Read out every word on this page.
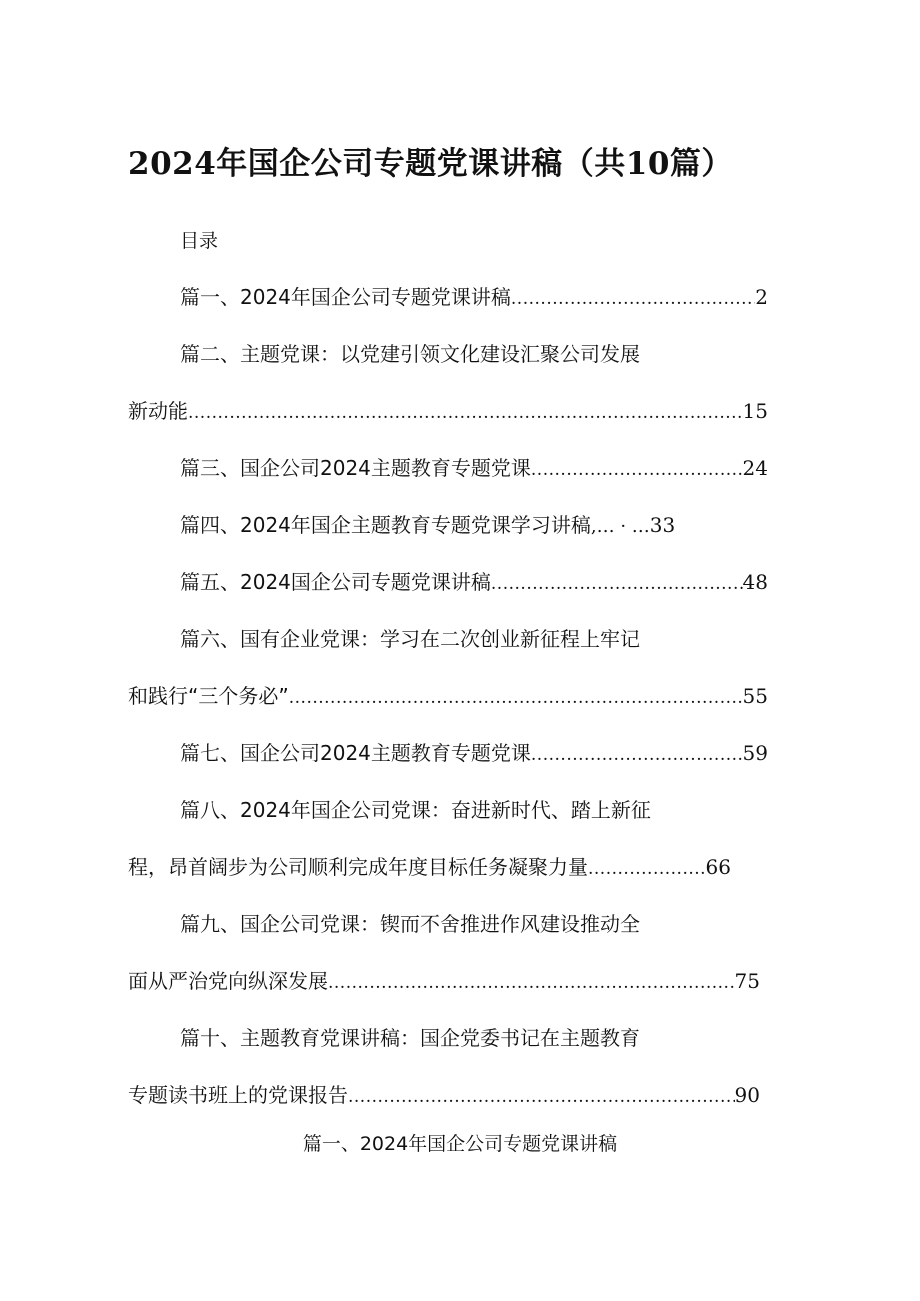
2024年国企公司专题党课讲稿（共10篇）
目录
篇一、2024年国企公司专题党课讲稿 .....	2
篇二、主题党课：以党建引领文化建设汇聚公司发展
新动能 .....	15
篇三、国企公司2024主题教育专题党课 .....	24
篇四、2024年国企主题教育专题党课学习讲稿 ,… · … 33
篇五、2024国企公司专题党课讲稿 .....	48
篇六、国有企业党课：学习在二次创业新征程上牢记
和践行“三个务必” .....	55
篇七、国企公司2024主题教育专题党课 .....	59
篇八、2024年国企公司党课：奋进新时代、踏上新征
程，昂首阔步为公司顺利完成年度目标任务凝聚力量 .....	66
篇九、国企公司党课：锲而不舍推进作风建设推动全
面从严治党向纵深发展 .....	75
篇十、主题教育党课讲稿：国企党委书记在主题教育
专题读书班上的党课报告 .....	90
篇一、2024年国企公司专题党课讲稿
